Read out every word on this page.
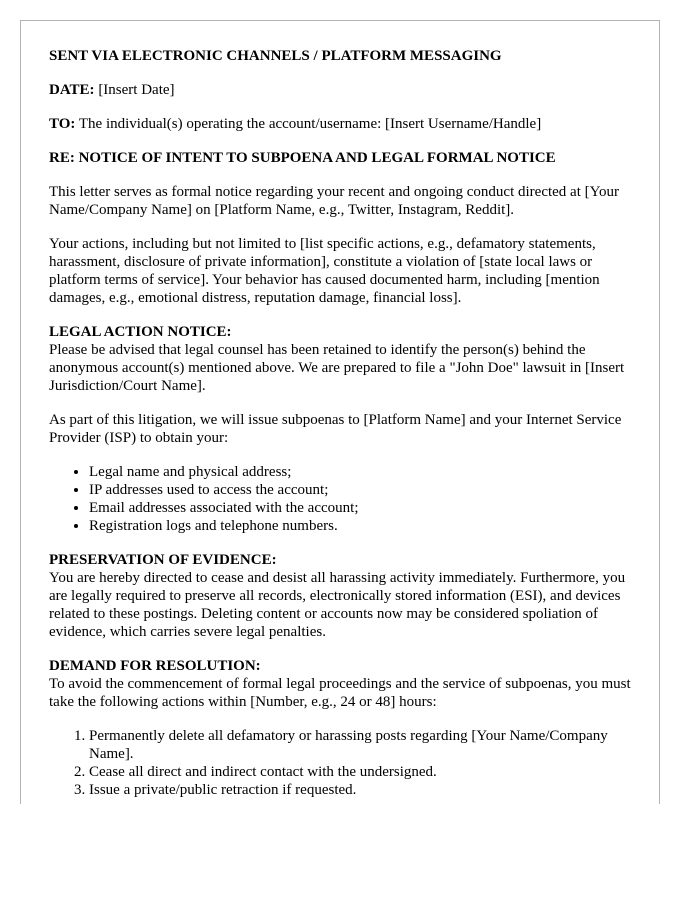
SENT VIA ELECTRONIC CHANNELS / PLATFORM MESSAGING

DATE: [Insert Date]

TO: The individual(s) operating the account/username: [Insert Username/Handle]

RE: NOTICE OF INTENT TO SUBPOENA AND LEGAL FORMAL NOTICE

This letter serves as formal notice regarding your recent and ongoing conduct directed at [Your Name/Company Name] on [Platform Name, e.g., Twitter, Instagram, Reddit].

Your actions, including but not limited to [list specific actions, e.g., defamatory statements, harassment, disclosure of private information], constitute a violation of [state local laws or platform terms of service]. Your behavior has caused documented harm, including [mention damages, e.g., emotional distress, reputation damage, financial loss].

LEGAL ACTION NOTICE:
Please be advised that legal counsel has been retained to identify the person(s) behind the anonymous account(s) mentioned above. We are prepared to file a "John Doe" lawsuit in [Insert Jurisdiction/Court Name].

As part of this litigation, we will issue subpoenas to [Platform Name] and your Internet Service Provider (ISP) to obtain your:

• Legal name and physical address;
• IP addresses used to access the account;
• Email addresses associated with the account;
• Registration logs and telephone numbers.
PRESERVATION OF EVIDENCE:
You are hereby directed to cease and desist all harassing activity immediately. Furthermore, you are legally required to preserve all records, electronically stored information (ESI), and devices related to these postings. Deleting content or accounts now may be considered spoliation of evidence, which carries severe legal penalties.
DEMAND FOR RESOLUTION:
To avoid the commencement of formal legal proceedings and the service of subpoenas, you must take the following actions within [Number, e.g., 24 or 48] hours:
1. Permanently delete all defamatory or harassing posts regarding [Your Name/Company Name].
2. Cease all direct and indirect contact with the undersigned.
3. Issue a private/public retraction if requested.
